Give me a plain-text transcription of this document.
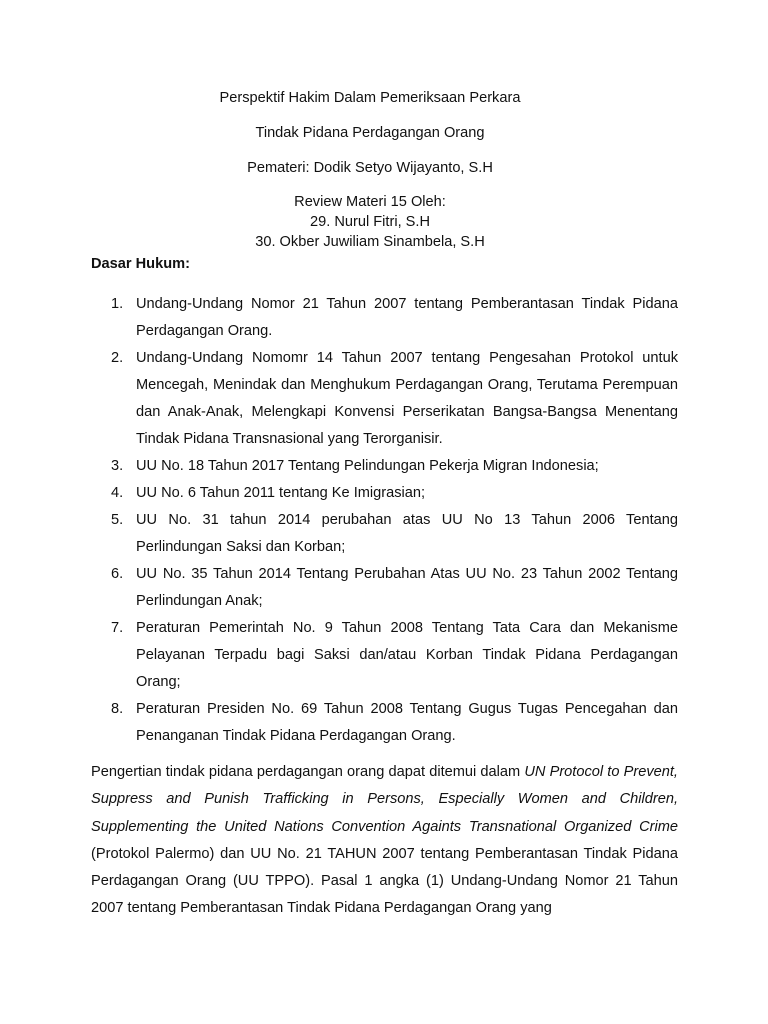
Perspektif Hakim Dalam Pemeriksaan Perkara
Tindak Pidana Perdagangan Orang
Pemateri: Dodik Setyo Wijayanto, S.H
Review Materi 15 Oleh:
29. Nurul Fitri, S.H
30. Okber Juwiliam Sinambela, S.H
Dasar Hukum:
1. Undang-Undang Nomor 21 Tahun 2007 tentang Pemberantasan Tindak Pidana Perdagangan Orang.
2. Undang-Undang Nomomr 14 Tahun 2007 tentang Pengesahan Protokol untuk Mencegah, Menindak dan Menghukum Perdagangan Orang, Terutama Perempuan dan Anak-Anak, Melengkapi Konvensi Perserikatan Bangsa-Bangsa Menentang Tindak Pidana Transnasional yang Terorganisir.
3. UU No. 18 Tahun 2017 Tentang Pelindungan Pekerja Migran Indonesia;
4. UU No. 6 Tahun 2011 tentang Ke Imigrasian;
5. UU No. 31 tahun 2014 perubahan atas UU No 13 Tahun 2006 Tentang Perlindungan Saksi dan Korban;
6. UU No. 35 Tahun 2014 Tentang Perubahan Atas UU No. 23 Tahun 2002 Tentang Perlindungan Anak;
7. Peraturan Pemerintah No. 9 Tahun 2008 Tentang Tata Cara dan Mekanisme Pelayanan Terpadu bagi Saksi dan/atau Korban Tindak Pidana Perdagangan Orang;
8. Peraturan Presiden No. 69 Tahun 2008 Tentang Gugus Tugas Pencegahan dan Penanganan Tindak Pidana Perdagangan Orang.

Pengertian tindak pidana perdagangan orang dapat ditemui dalam UN Protocol to Prevent, Suppress and Punish Trafficking in Persons, Especially Women and Children, Supplementing the United Nations Convention Againts Transnational Organized Crime (Protokol Palermo) dan UU No. 21 TAHUN 2007 tentang Pemberantasan Tindak Pidana Perdagangan Orang (UU TPPO). Pasal 1 angka (1) Undang-Undang Nomor 21 Tahun 2007 tentang Pemberantasan Tindak Pidana Perdagangan Orang yang
